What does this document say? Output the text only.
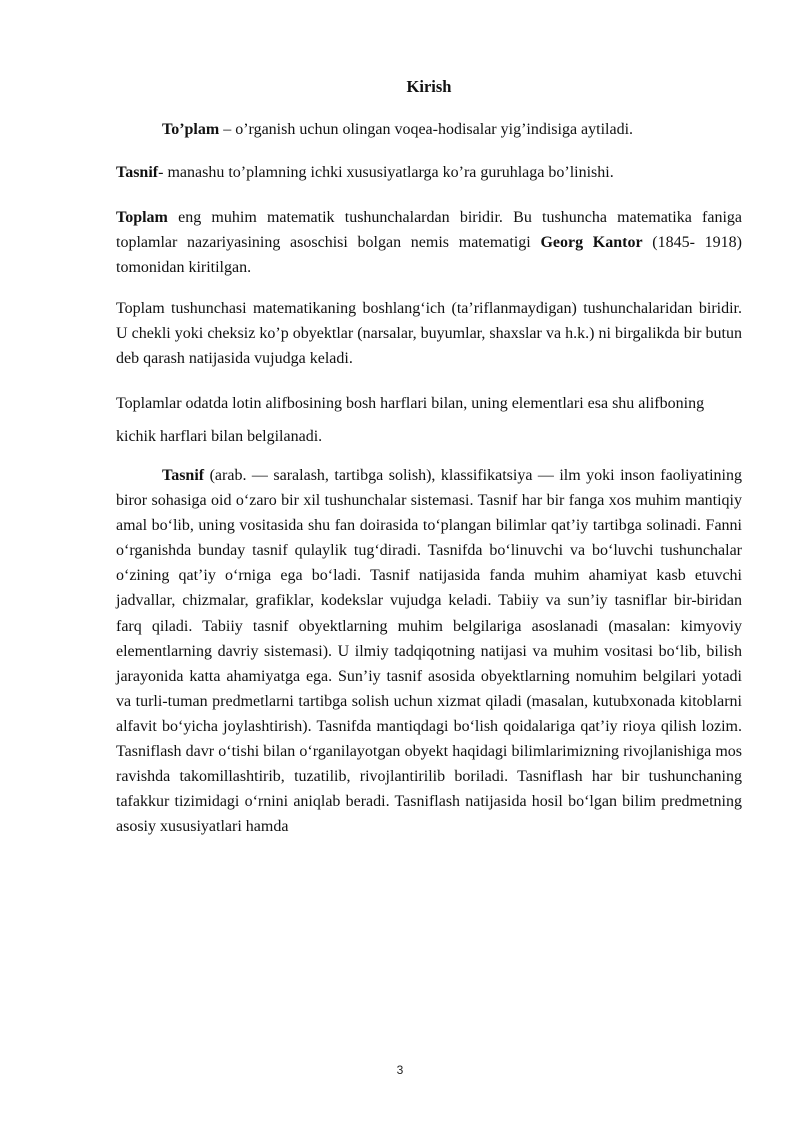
Kirish

To’plam – o’rganish uchun olingan voqea-hodisalar yig’indisiga aytiladi.

Tasnif- manashu to’plamning ichki xususiyatlarga ko’ra guruhlaga bo’linishi.

Toplam eng muhim matematik tushunchalardan biridir. Bu tushuncha matematika faniga toplamlar nazariyasining asoschisi bolgan nemis matematigi Georg Kantor (1845- 1918) tomonidan kiritilgan.

Toplam tushunchasi matematikaning boshlang‘ich (ta’riflanmaydigan) tushunchalaridan biridir. U chekli yoki cheksiz ko’p obyektlar (narsalar, buyumlar, shaxslar va h.k.) ni birgalikda bir butun deb qarash natijasida vujudga keladi.

Toplamlar odatda lotin alifbosining bosh harflari bilan, uning elementlari esa shu alifboning kichik harflari bilan belgilanadi.

Tasnif (arab. — saralash, tartibga solish), klassifikatsiya — ilm yoki inson faoliyatining biror sohasiga oid o‘zaro bir xil tushunchalar sistemasi. Tasnif har bir fanga xos muhim mantiqiy amal bo‘lib, uning vositasida shu fan doirasida to‘plangan bilimlar qat’iy tartibga solinadi. Fanni o‘rganishda bunday tasnif qulaylik tug‘diradi. Tasnifda bo‘linuvchi va bo‘luvchi tushunchalar o‘zining qat’iy o‘rniga ega bo‘ladi. Tasnif natijasida fanda muhim ahamiyat kasb etuvchi jadvallar, chizmalar, grafiklar, kodekslar vujudga keladi. Tabiiy va sun’iy tasniflar bir-biridan farq qiladi. Tabiiy tasnif obyektlarning muhim belgilariga asoslanadi (masalan: kimyoviy elementlarning davriy sistemasi). U ilmiy tadqiqotning natijasi va muhim vositasi bo‘lib, bilish jarayonida katta ahamiyatga ega. Sun’iy tasnif asosida obyektlarning nomuhim belgilari yotadi va turli-tuman predmetlarni tartibga solish uchun xizmat qiladi (masalan, kutubxonada kitoblarni alfavit bo‘yicha joylashtirish). Tasnifda mantiqdagi bo‘lish qoidalariga qat’iy rioya qilish lozim. Tasniflash davr o‘tishi bilan o‘rganilayotgan obyekt haqidagi bilimlarimizning rivojlanishiga mos ravishda takomillashtirib, tuzatilib, rivojlantirilib boriladi. Tasniflash har bir tushunchaning tafakkur tizimidagi o‘rnini aniqlab beradi. Tasniflash natijasida hosil bo‘lgan bilim predmetning asosiy xususiyatlari hamda

3
